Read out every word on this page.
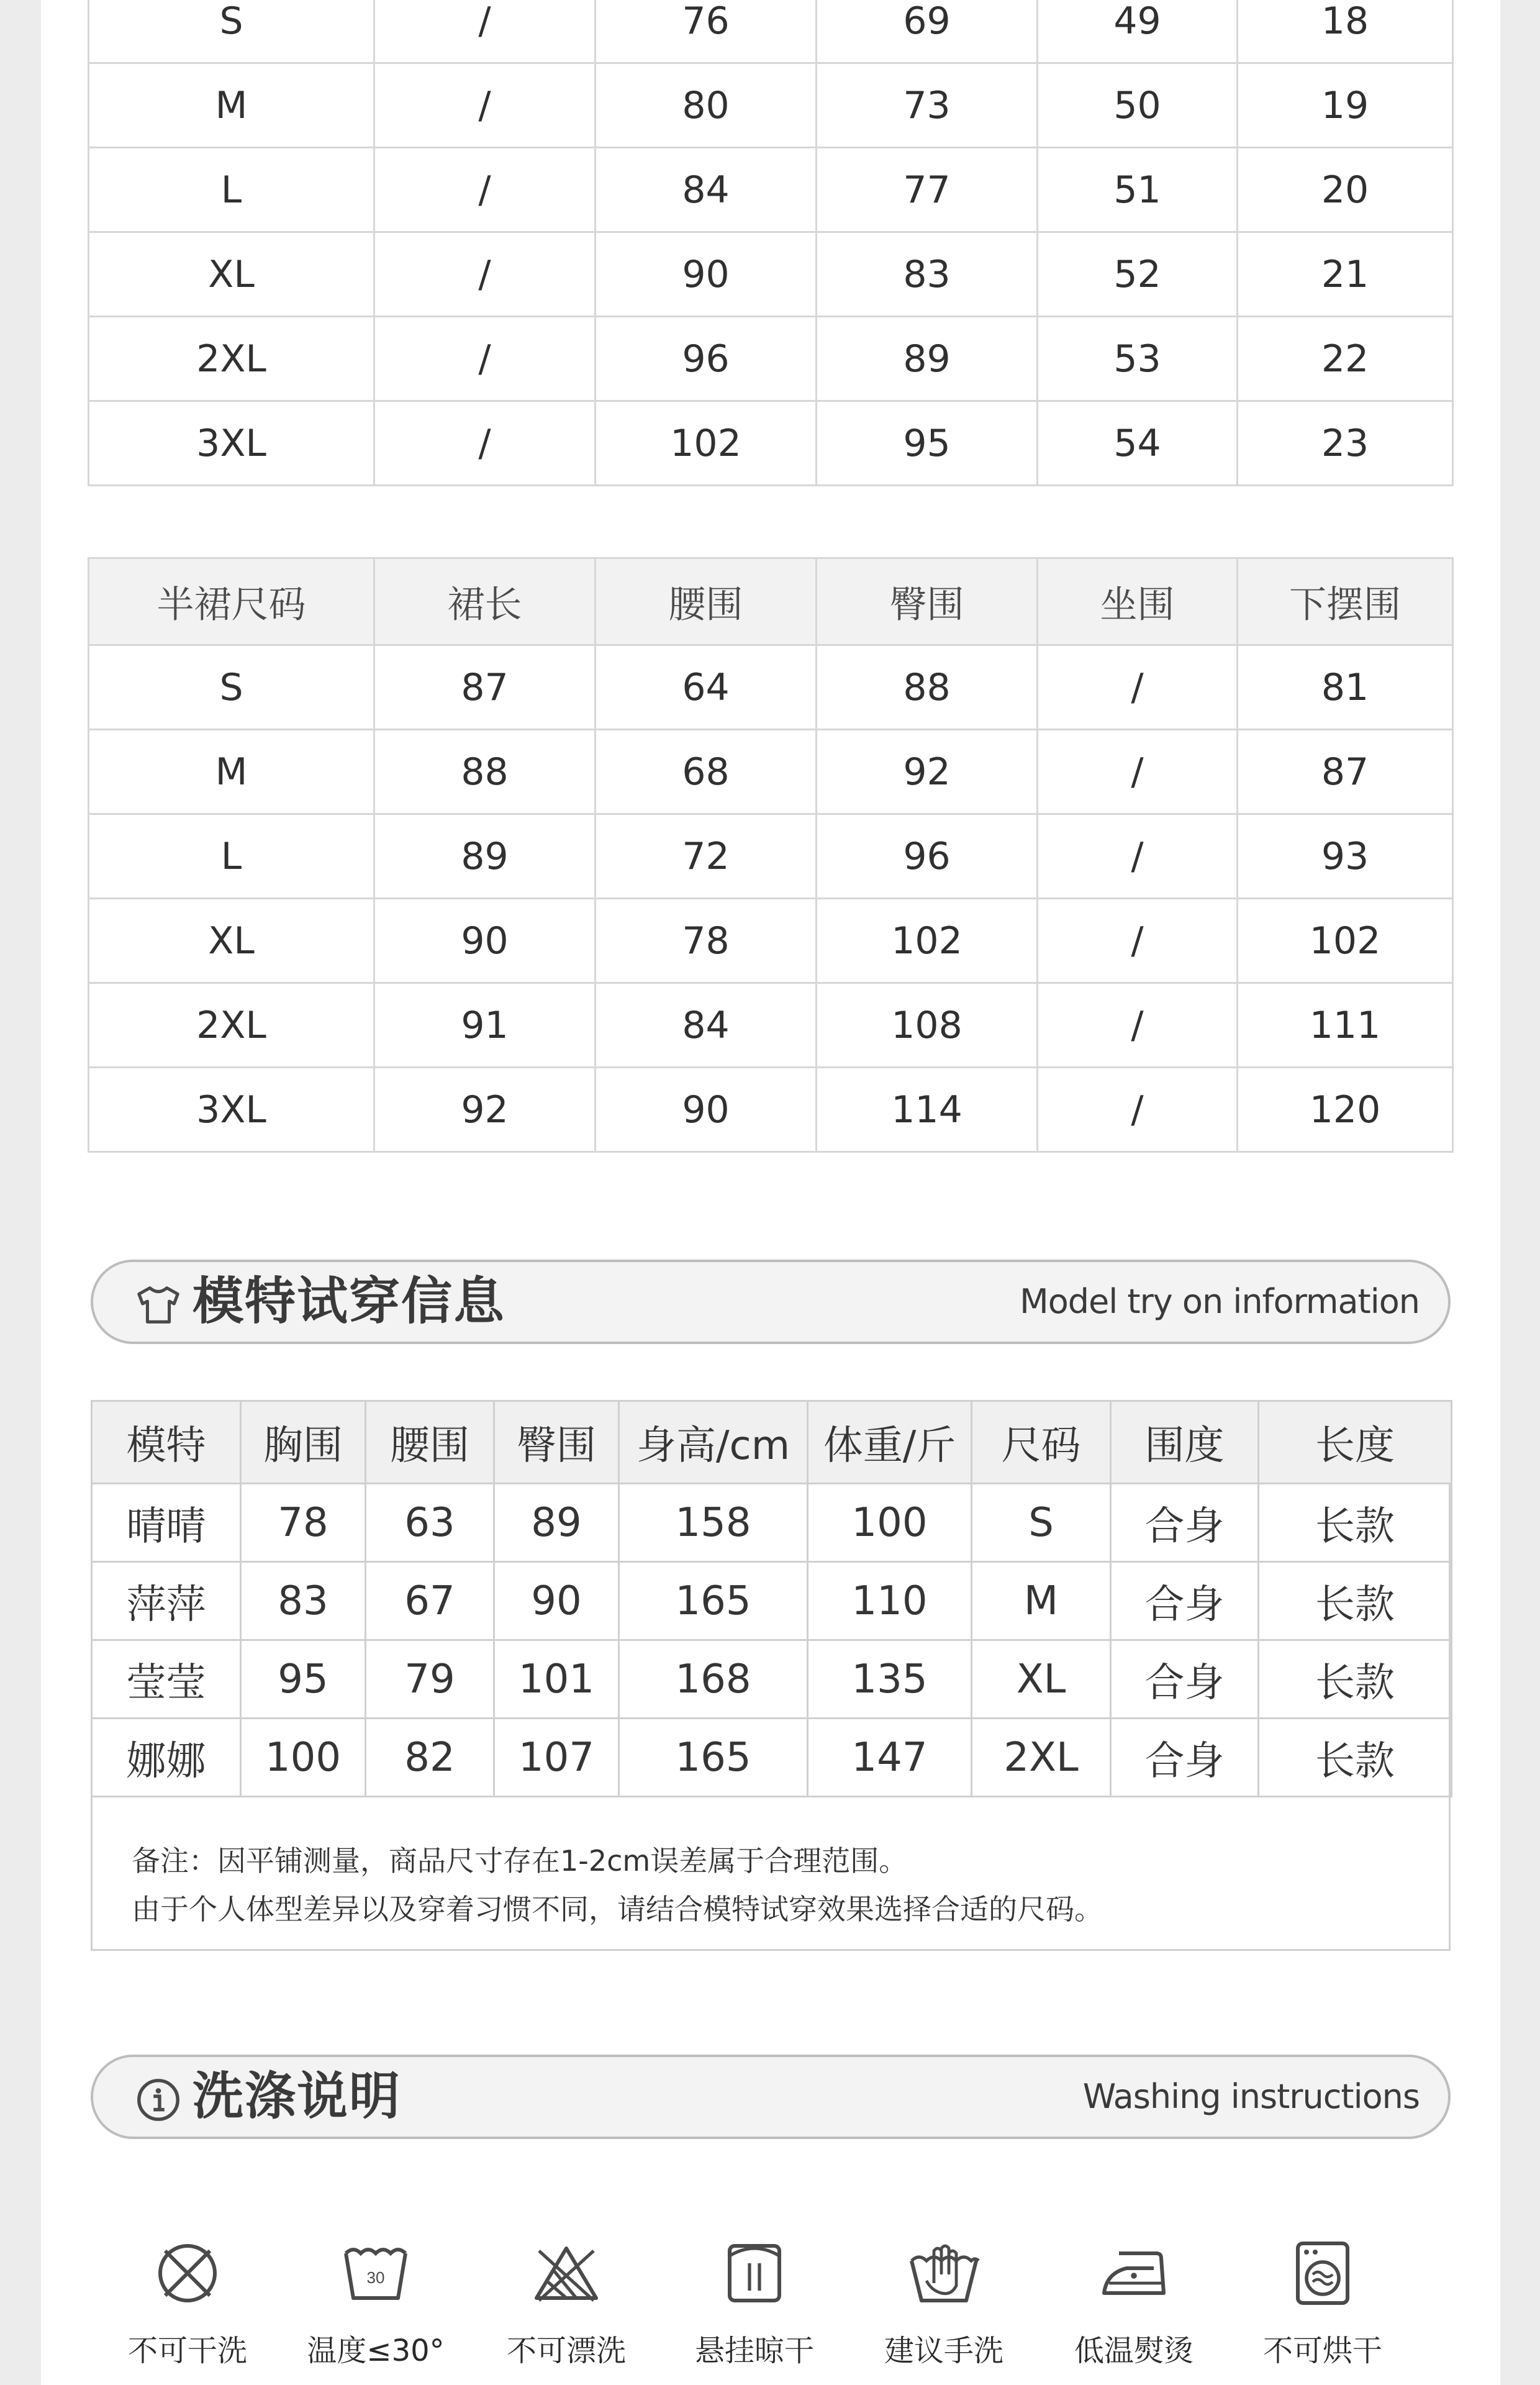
S	/	76	69	49	18
M	/	80	73	50	19
L	/	84	77	51	20
XL	/	90	83	52	21
2XL	/	96	89	53	22
3XL	/	102	95	54	23
半裙尺码	裙长	腰围	臀围	坐围	下摆围
S	87	64	88	/	81
M	88	68	92	/	87
L	89	72	96	/	93
XL	90	78	102	/	102
2XL	91	84	108	/	111
3XL	92	90	114	/	120
模特试穿信息	Model try on information
模特	胸围	腰围	臀围	身高/cm	体重/斤	尺码	围度	长度
晴晴	78	63	89	158	100	S	合身	长款
萍萍	83	67	90	165	110	M	合身	长款
莹莹	95	79	101	168	135	XL	合身	长款
娜娜	100	82	107	165	147	2XL	合身	长款
备注：因平铺测量，商品尺寸存在1-2cm误差属于合理范围。
由于个人体型差异以及穿着习惯不同，请结合模特试穿效果选择合适的尺码。
洗涤说明	Washing instructions
不可干洗
30
温度≤30°	不可漂洗	悬挂晾干	建议手洗	低温熨烫	不可烘干
